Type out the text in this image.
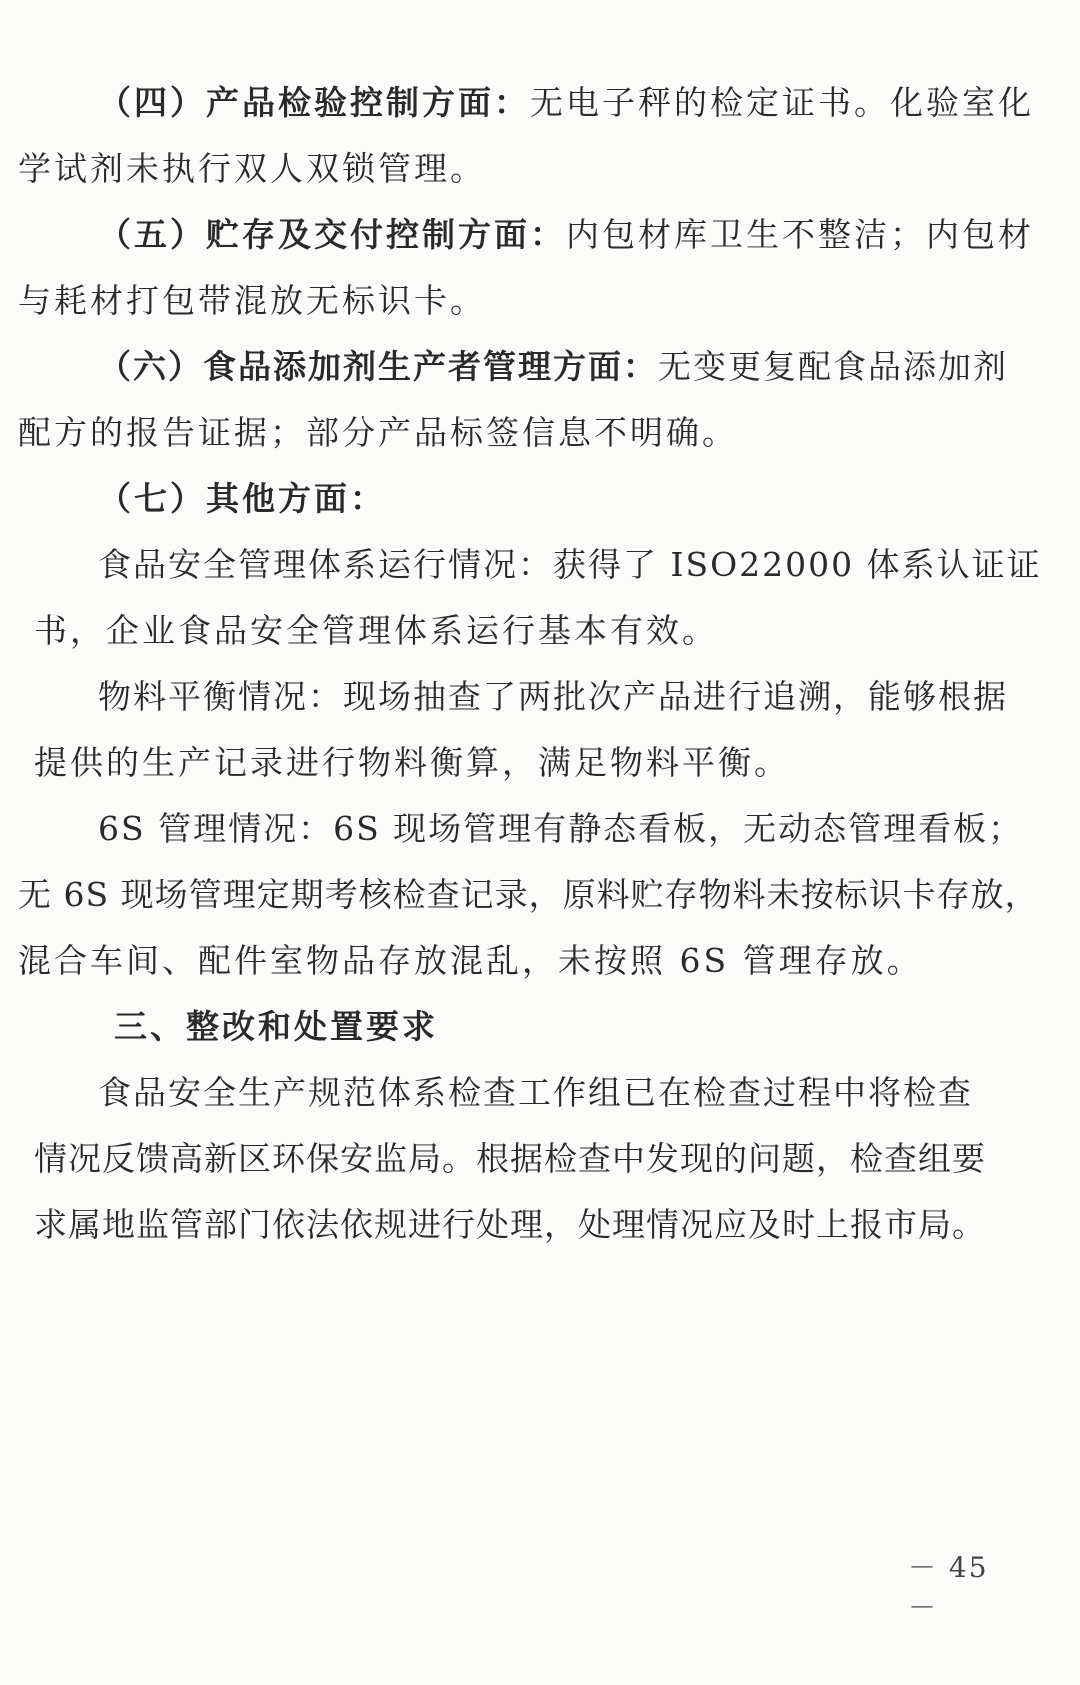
（四）产品检验控制方面：无电子秤的检定证书。化验室化
学试剂未执行双人双锁管理。
（五）贮存及交付控制方面：内包材库卫生不整洁；内包材
与耗材打包带混放无标识卡。
（六）食品添加剂生产者管理方面：无变更复配食品添加剂
配方的报告证据；部分产品标签信息不明确。
（七）其他方面：
食品安全管理体系运行情况：获得了 ISO22000 体系认证证
书，企业食品安全管理体系运行基本有效。
物料平衡情况：现场抽查了两批次产品进行追溯，能够根据
提供的生产记录进行物料衡算，满足物料平衡。
6S 管理情况：6S 现场管理有静态看板，无动态管理看板；
无 6S 现场管理定期考核检查记录，原料贮存物料未按标识卡存放，
混合车间、配件室物品存放混乱，未按照 6S 管理存放。
三、整改和处置要求
食品安全生产规范体系检查工作组已在检查过程中将检查
情况反馈高新区环保安监局。根据检查中发现的问题，检查组要
求属地监管部门依法依规进行处理，处理情况应及时上报市局。
－ 45 －
